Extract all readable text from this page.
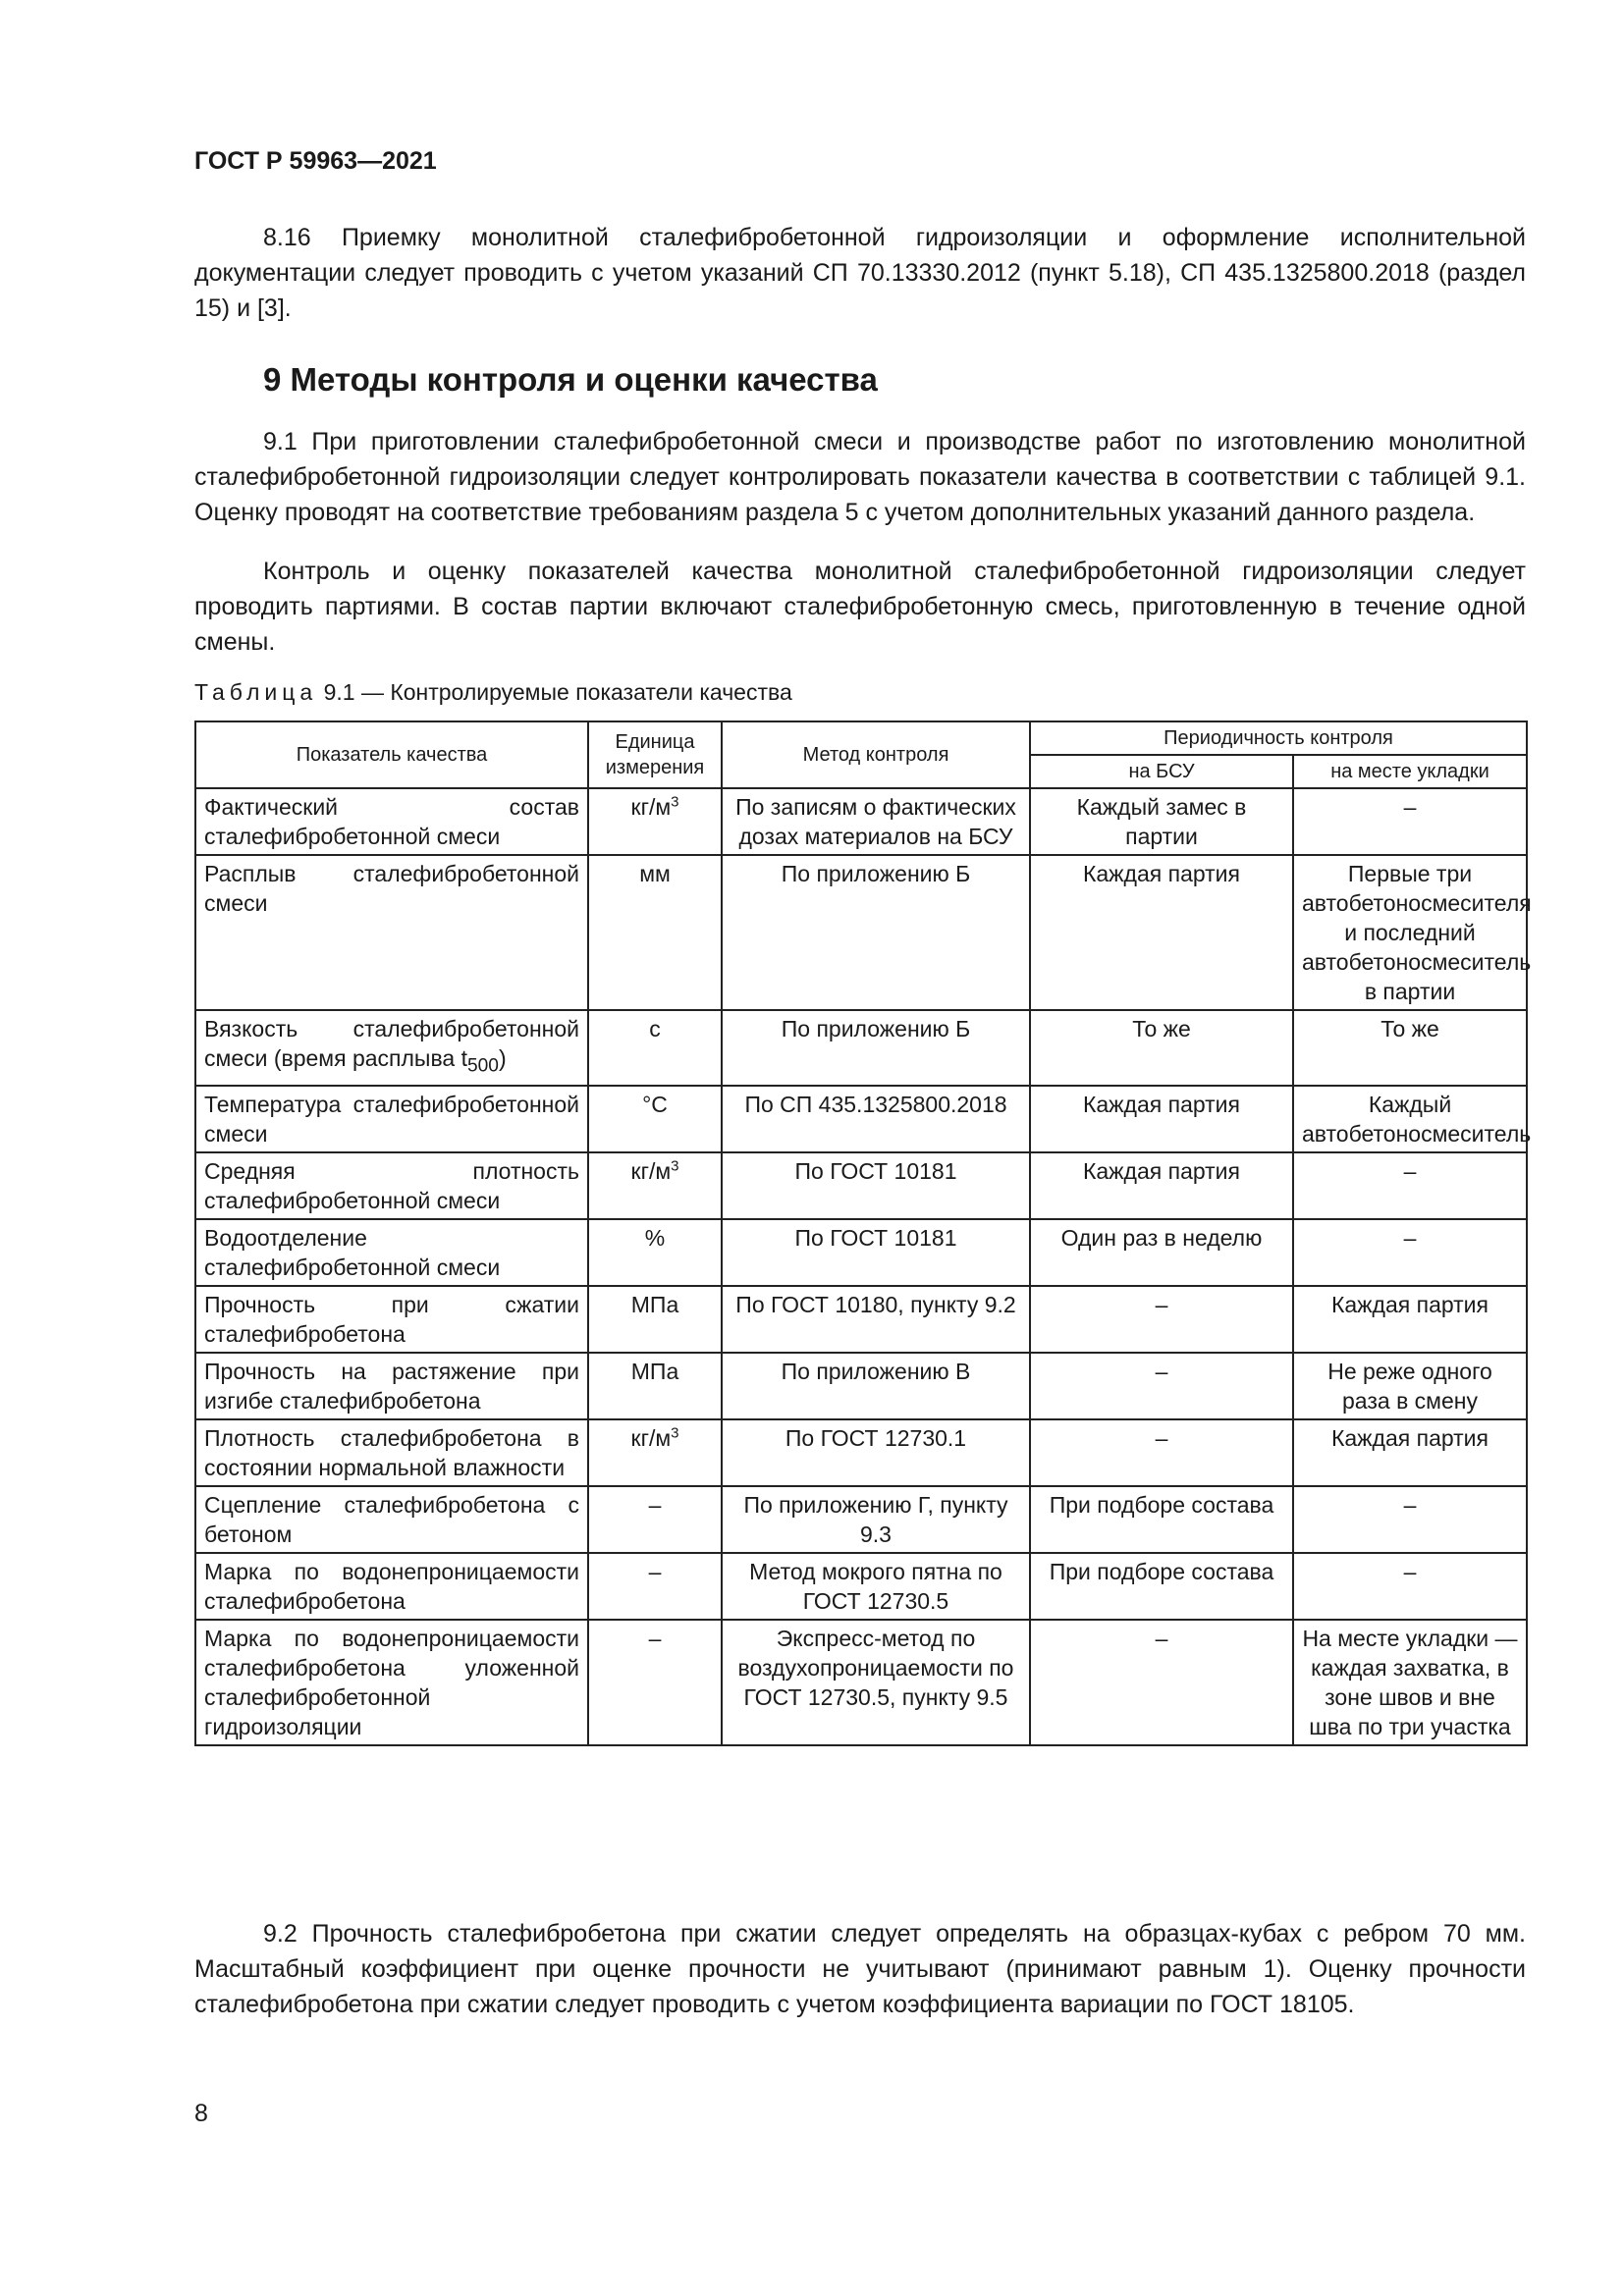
ГОСТ Р 59963—2021
8.16 Приемку монолитной сталефибробетонной гидроизоляции и оформление исполнительной документации следует проводить с учетом указаний СП 70.13330.2012 (пункт 5.18), СП 435.1325800.2018 (раздел 15) и [3].
9 Методы контроля и оценки качества
9.1 При приготовлении сталефибробетонной смеси и производстве работ по изготовлению монолитной сталефибробетонной гидроизоляции следует контролировать показатели качества в соответствии с таблицей 9.1. Оценку проводят на соответствие требованиям раздела 5 с учетом дополнительных указаний данного раздела.
Контроль и оценку показателей качества монолитной сталефибробетонной гидроизоляции следует проводить партиями. В состав партии включают сталефибробетонную смесь, приготовленную в течение одной смены.
Таблица 9.1 — Контролируемые показатели качества
Показатель качества	Единица измерения	Метод контроля	Периодичность контроля	
			на БСУ	на месте укладки
Фактический состав сталефибробетонной смеси	$кг/м^3$	По записям о фактических дозах материалов на БСУ	Каждый замес в партии	–
Расплыв сталефибробетонной смеси	мм	По приложению Б	Каждая партия	Первые три автобетоносмесителя и последний автобетоносмеситель в партии
Вязкость сталефибробетонной смеси (время расплыва $t_{500}$)	с	По приложению Б	То же	То же
Температура сталефибробетонной смеси	°С	По СП 435.1325800.2018	Каждая партия	Каждый автобетоносмеситель
Средняя плотность сталефибробетонной смеси	$кг/м^3$	По ГОСТ 10181	Каждая партия	–
Водоотделение сталефибробетонной смеси	%	По ГОСТ 10181	Один раз в неделю	–
Прочность при сжатии сталефибробетона	МПа	По ГОСТ 10180, пункту 9.2	–	Каждая партия
Прочность на растяжение при изгибе сталефибробетона	МПа	По приложению В	–	Не реже одного раза в смену
Плотность сталефибробетона в состоянии нормальной влажности	$кг/м^3$	По ГОСТ 12730.1	–	Каждая партия
Сцепление сталефибробетона с бетоном	–	По приложению Г, пункту 9.3	При подборе состава	–
Марка по водонепроницаемости сталефибробетона	–	Метод мокрого пятна по ГОСТ 12730.5	При подборе состава	–
Марка по водонепроницаемости сталефибробетона уложенной сталефибробетонной гидроизоляции	–	Экспресс-метод по воздухопроницаемости по ГОСТ 12730.5, пункту 9.5	–	На месте укладки — каждая захватка, в зоне швов и вне шва по три участка
9.2 Прочность сталефибробетона при сжатии следует определять на образцах-кубах с ребром 70 мм. Масштабный коэффициент при оценке прочности не учитывают (принимают равным 1). Оценку прочности сталефибробетона при сжатии следует проводить с учетом коэффициента вариации по ГОСТ 18105.
8
